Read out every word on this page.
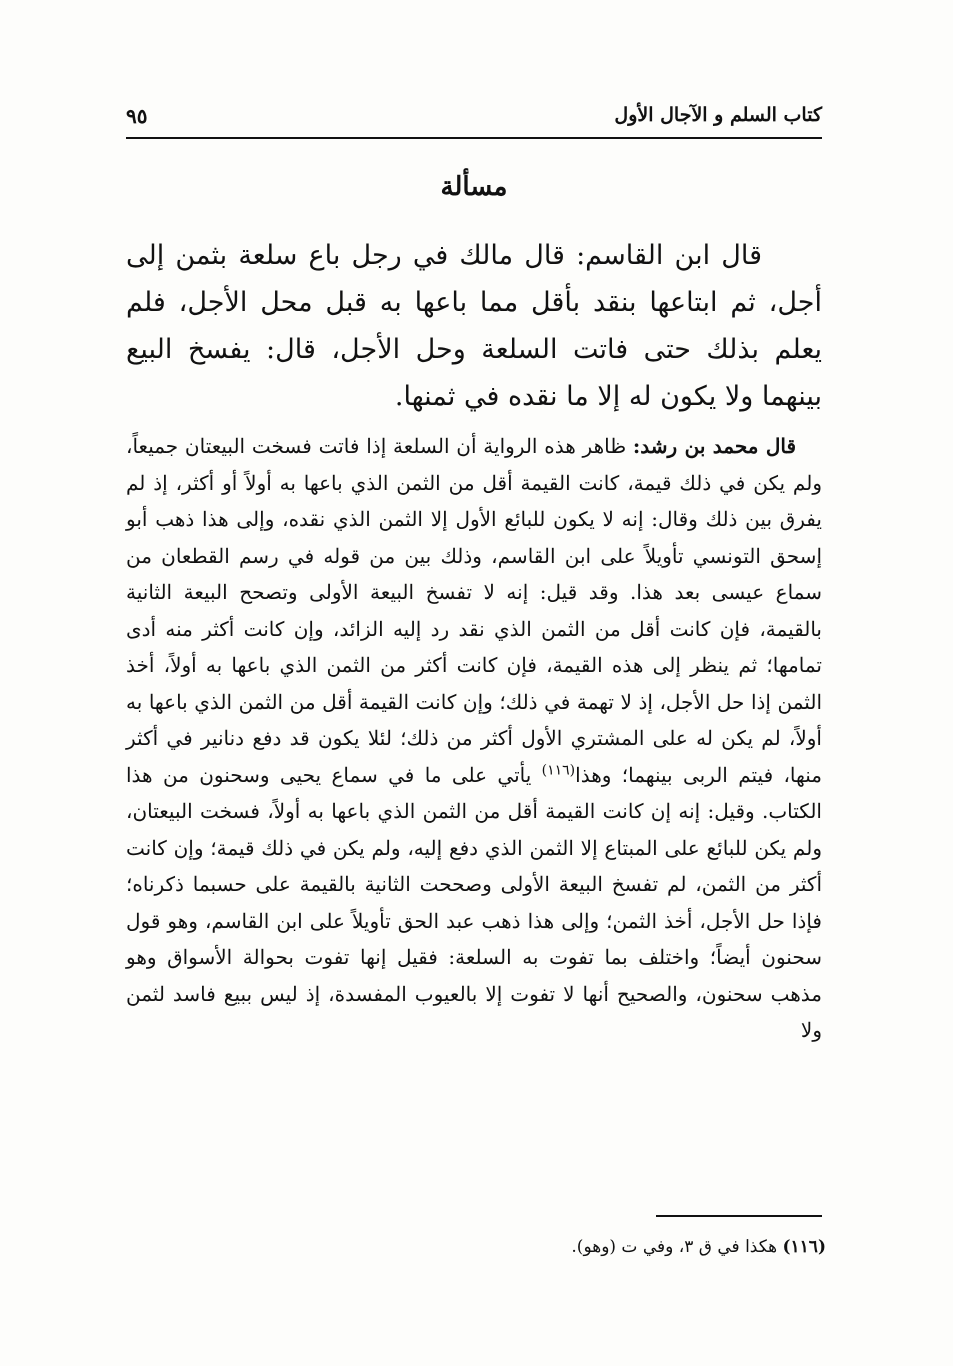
كتاب السلم و الآجال الأول
٩٥
مسألة

قال ابن القاسم: قال مالك في رجل باع سلعة بثمن إلى أجل، ثم ابتاعها بنقد بأقل مما باعها به قبل محل الأجل، فلم يعلم بذلك حتى فاتت السلعة وحل الأجل، قال: يفسخ البيع بينهما ولا يكون له إلا ما نقده في ثمنها.

قال محمد بن رشد: ظاهر هذه الرواية أن السلعة إذا فاتت فسخت البيعتان جميعاً، ولم يكن في ذلك قيمة، كانت القيمة أقل من الثمن الذي باعها به أولاً أو أكثر، إذ لم يفرق بين ذلك وقال: إنه لا يكون للبائع الأول إلا الثمن الذي نقده، وإلى هذا ذهب أبو إسحق التونسي تأويلاً على ابن القاسم، وذلك بين من قوله في رسم القطعان من سماع عيسى بعد هذا. وقد قيل: إنه لا تفسخ البيعة الأولى وتصحح البيعة الثانية بالقيمة، فإن كانت أقل من الثمن الذي نقد رد إليه الزائد، وإن كانت أكثر منه أدى تمامها؛ ثم ينظر إلى هذه القيمة، فإن كانت أكثر من الثمن الذي باعها به أولاً، أخذ الثمن إذا حل الأجل، إذ لا تهمة في ذلك؛ وإن كانت القيمة أقل من الثمن الذي باعها به أولاً، لم يكن له على المشتري الأول أكثر من ذلك؛ لئلا يكون قد دفع دنانير في أكثر منها، فيتم الربى بينهما؛ وهذا$^{(١١٦)}$ يأتي على ما في سماع يحيى وسحنون من هذا الكتاب. وقيل: إنه إن كانت القيمة أقل من الثمن الذي باعها به أولاً، فسخت البيعتان، ولم يكن للبائع على المبتاع إلا الثمن الذي دفع إليه، ولم يكن في ذلك قيمة؛ وإن كانت أكثر من الثمن، لم تفسخ البيعة الأولى وصححت الثانية بالقيمة على حسبما ذكرناه؛ فإذا حل الأجل، أخذ الثمن؛ وإلى هذا ذهب عبد الحق تأويلاً على ابن القاسم، وهو قول سحنون أيضاً؛ واختلف بما تفوت به السلعة: فقيل إنها تفوت بحوالة الأسواق وهو مذهب سحنون، والصحيح أنها لا تفوت إلا بالعيوب المفسدة، إذ ليس ببيع فاسد لثمن ولا

(١١٦) هكذا في ق ٣، وفي ت (وهو).
